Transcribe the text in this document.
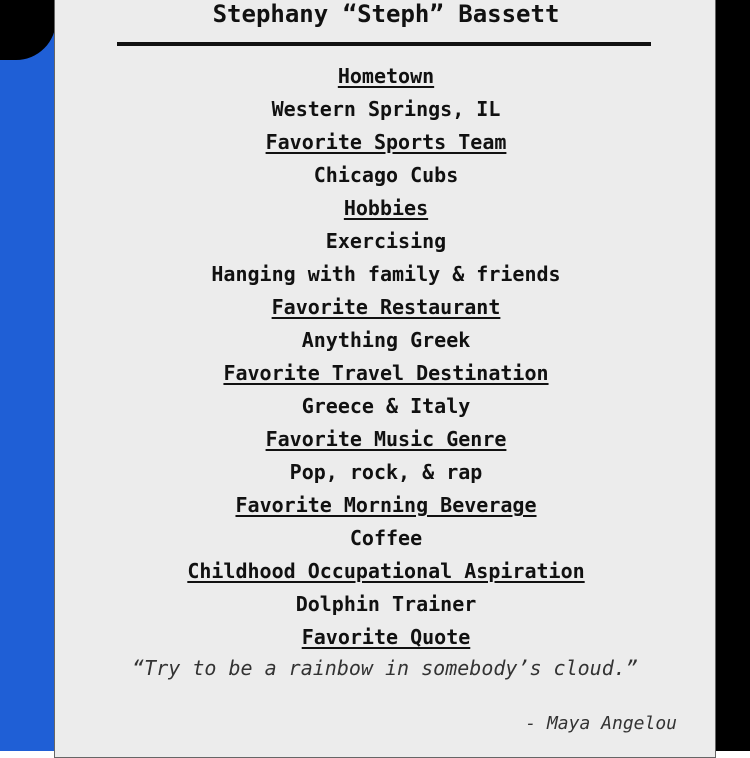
Stephany “Steph” Bassett
Hometown
Western Springs, IL
Favorite Sports Team
Chicago Cubs
Hobbies
Exercising
Hanging with family & friends
Favorite Restaurant
Anything Greek
Favorite Travel Destination
Greece & Italy
Favorite Music Genre
Pop, rock, & rap
Favorite Morning Beverage
Coffee
Childhood Occupational Aspiration
Dolphin Trainer
Favorite Quote
“Try to be a rainbow in somebody’s cloud.”
- Maya Angelou
